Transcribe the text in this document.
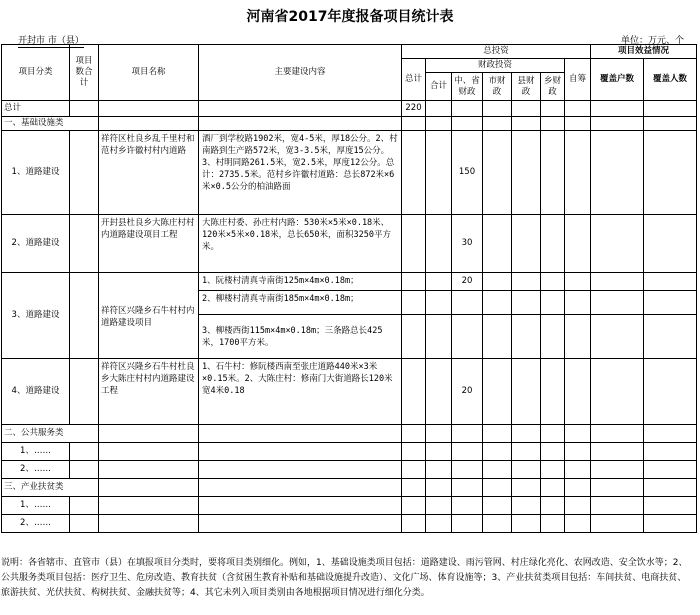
河南省2017年度报备项目统计表
开封市 市（县）	单位：万元、个
项目分类	项目数合计	项目名称	主要建设内容	总投资							项目效益情况	
				总计	财政投资					自筹	覆盖户数	覆盖人数
					合计	中、省财政	市财政	县财政	乡财政			
总计				220								
一、基础设施类												
1、道路建设		祥符区杜良乡乱千里村和范村乡许徽村村内道路	酒厂到学校路1902米，宽4-5米，厚18公分。2、村南路到生产路572米，宽3-3.5米，厚度15公分。3、村明同路261.5米，宽2.5米，厚度12公分。总计：2735.5米。范村乡许徽村道路：总长872米×6米×0.5公分的柏油路面			150						
2、道路建设		开封县杜良乡大陈庄村村内道路建设项目工程	大陈庄村委、孙庄村内路：530米×5米×0.18米、120米×5米×0.18米，总长650米，面积3250平方米。			30						
3、道路建设		祥符区兴隆乡石牛村村内道路建设项目	1、阮楼村清真寺南街125m×4m×0.18m；			20						
			2、柳楼村清真寺南街185m×4m×0.18m；									
			3、柳楼西街115m×4m×0.18m；三条路总长425米，1700平方米。									
4、道路建设		祥符区兴隆乡石牛村杜良乡大陈庄村村内道路建设工程	1、石牛村：修阮楼西南至张庄道路440米×3米×0.15米。2、大陈庄村：修南门大街道路长120米宽4米0.18			20						
二、公共服务类												
1、……												
2、……												
三、产业扶贫类												
1、……												
2、……												
说明：各省辖市、直管市（县）在填报项目分类时，要将项目类别细化。例如，1、基础设施类项目包括：道路建设、雨污管网、村庄绿化亮化、农网改造、安全饮水等；2、公共服务类项目包括：医疗卫生、危房改造、教育扶贫（含贫困生教育补贴和基础设施提升改造）、文化广场、体育设施等；3、产业扶贫类项目包括：车间扶贫、电商扶贫、旅游扶贫、光伏扶贫、构树扶贫、金融扶贫等；4、其它未列入项目类别由各地根据项目情况进行细化分类。
